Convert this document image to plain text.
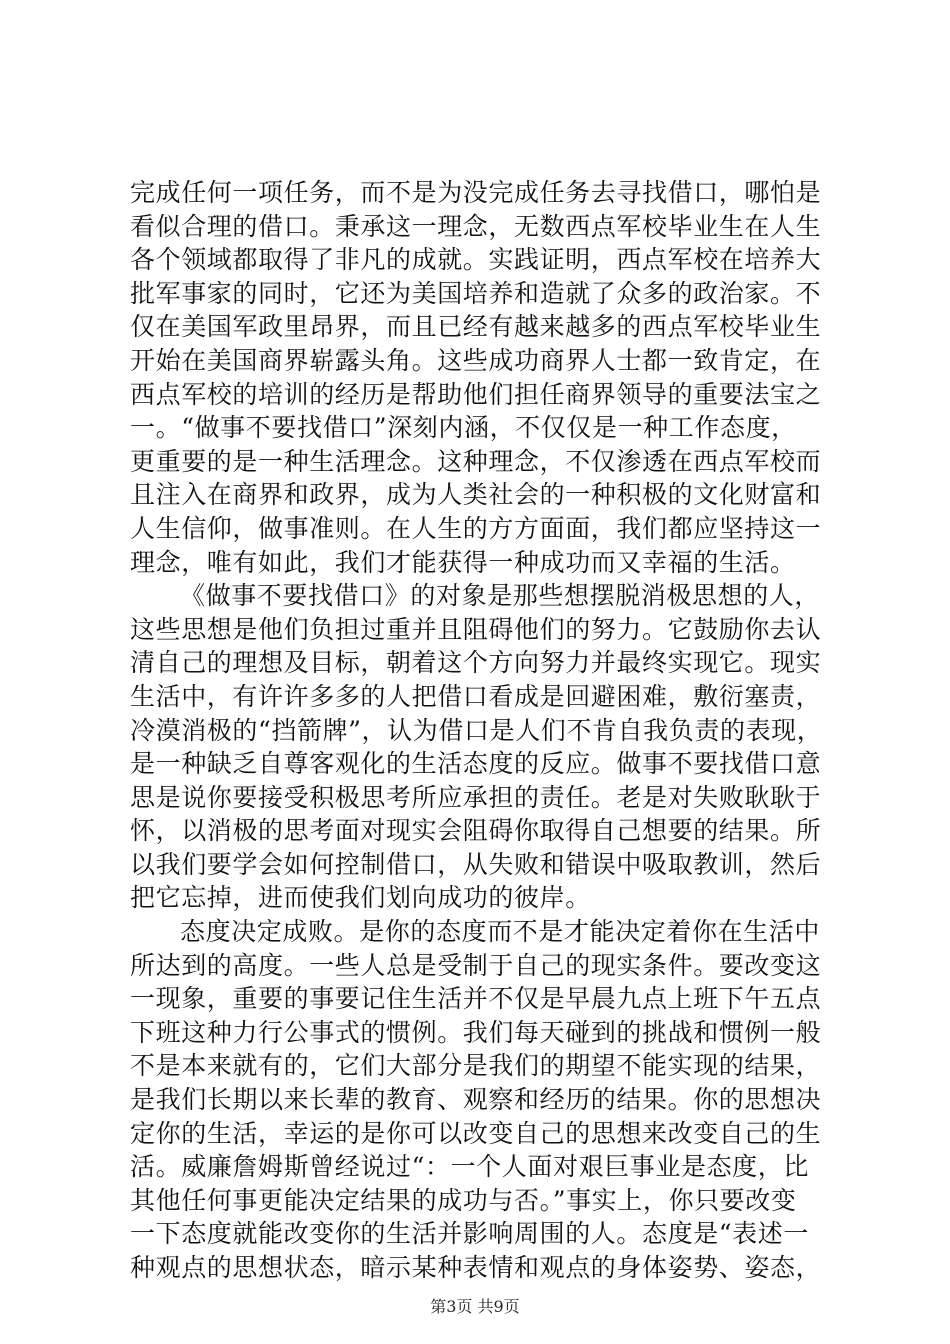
完成任何一项任务，而不是为没完成任务去寻找借口，哪怕是
看似合理的借口。秉承这一理念，无数西点军校毕业生在人生
各个领域都取得了非凡的成就。实践证明，西点军校在培养大
批军事家的同时，它还为美国培养和造就了众多的政治家。不
仅在美国军政里昂界，而且已经有越来越多的西点军校毕业生
开始在美国商界崭露头角。这些成功商界人士都一致肯定，在
西点军校的培训的经历是帮助他们担任商界领导的重要法宝之
一。“做事不要找借口”深刻内涵，不仅仅是一种工作态度，
更重要的是一种生活理念。这种理念，不仅渗透在西点军校而
且注入在商界和政界，成为人类社会的一种积极的文化财富和
人生信仰，做事准则。在人生的方方面面，我们都应坚持这一
理念，唯有如此，我们才能获得一种成功而又幸福的生活。
《做事不要找借口》的对象是那些想摆脱消极思想的人，
这些思想是他们负担过重并且阻碍他们的努力。它鼓励你去认
清自己的理想及目标，朝着这个方向努力并最终实现它。现实
生活中，有许许多多的人把借口看成是回避困难，敷衍塞责，
冷漠消极的“挡箭牌”，认为借口是人们不肯自我负责的表现，
是一种缺乏自尊客观化的生活态度的反应。做事不要找借口意
思是说你要接受积极思考所应承担的责任。老是对失败耿耿于
怀，以消极的思考面对现实会阻碍你取得自己想要的结果。所
以我们要学会如何控制借口，从失败和错误中吸取教训，然后
把它忘掉，进而使我们划向成功的彼岸。
态度决定成败。是你的态度而不是才能决定着你在生活中
所达到的高度。一些人总是受制于自己的现实条件。要改变这
一现象，重要的事要记住生活并不仅是早晨九点上班下午五点
下班这种力行公事式的惯例。我们每天碰到的挑战和惯例一般
不是本来就有的，它们大部分是我们的期望不能实现的结果，
是我们长期以来长辈的教育、观察和经历的结果。你的思想决
定你的生活，幸运的是你可以改变自己的思想来改变自己的生
活。威廉詹姆斯曾经说过“：一个人面对艰巨事业是态度，比
其他任何事更能决定结果的成功与否。”事实上，你只要改变
一下态度就能改变你的生活并影响周围的人。态度是“表述一
种观点的思想状态，暗示某种表情和观点的身体姿势、姿态，
第3页 共9页
